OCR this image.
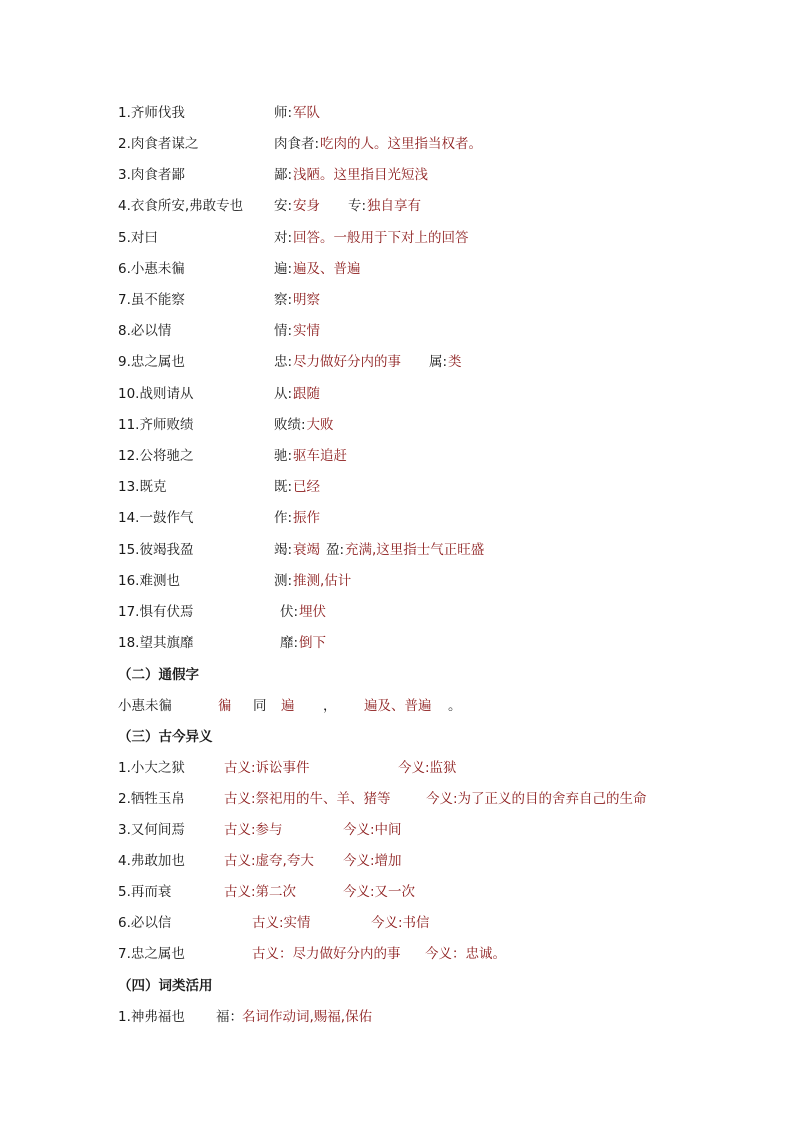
1.齐师伐我	师: 军队
2.肉食者谋之	肉食者: 吃肉的人。这里指当权者。
3.肉食者鄙	鄙: 浅陋。这里指目光短浅
4.衣食所安,弗敢专也 安: 安身 专: 独自享有
5.对曰	对: 回答。一般用于下对上的回答
6.小惠未徧	遍: 遍及、普遍
7.虽不能察	察: 明察
8.必以情	情: 实情
9.忠之属也	忠: 尽力做好分内的事 属: 类
10.战则请从	从: 跟随
11.齐师败绩	败绩: 大败
12.公将驰之	驰: 驱车追赶
13.既克	既: 已经
14.一鼓作气	作: 振作
15.彼竭我盈	竭: 衰竭 盈: 充满,这里指士气正旺盛
16.难测也	测: 推测,估计
17.惧有伏焉	伏: 埋伏
18.望其旗靡	靡: 倒下
（二）通假字
小惠未徧	徧 同 遍 ， 遍及、普遍 。
（三）古今异义
1.小大之狱	古义:诉讼事件	今义:监狱
2.牺牲玉帛	古义:祭祀用的牛、羊、猪等	今义:为了正义的目的舍弃自己的生命
3.又何间焉	古义:参与	今义:中间
4.弗敢加也	古义:虚夸,夸大 今义:增加
5.再而衰	古义:第二次	今义:又一次
6.必以信	古义:实情	今义:书信
7.忠之属也	古义：尽力做好分内的事 今义：忠诚。
（四）词类活用
1.神弗福也 福： 名词作动词,赐福,保佑
